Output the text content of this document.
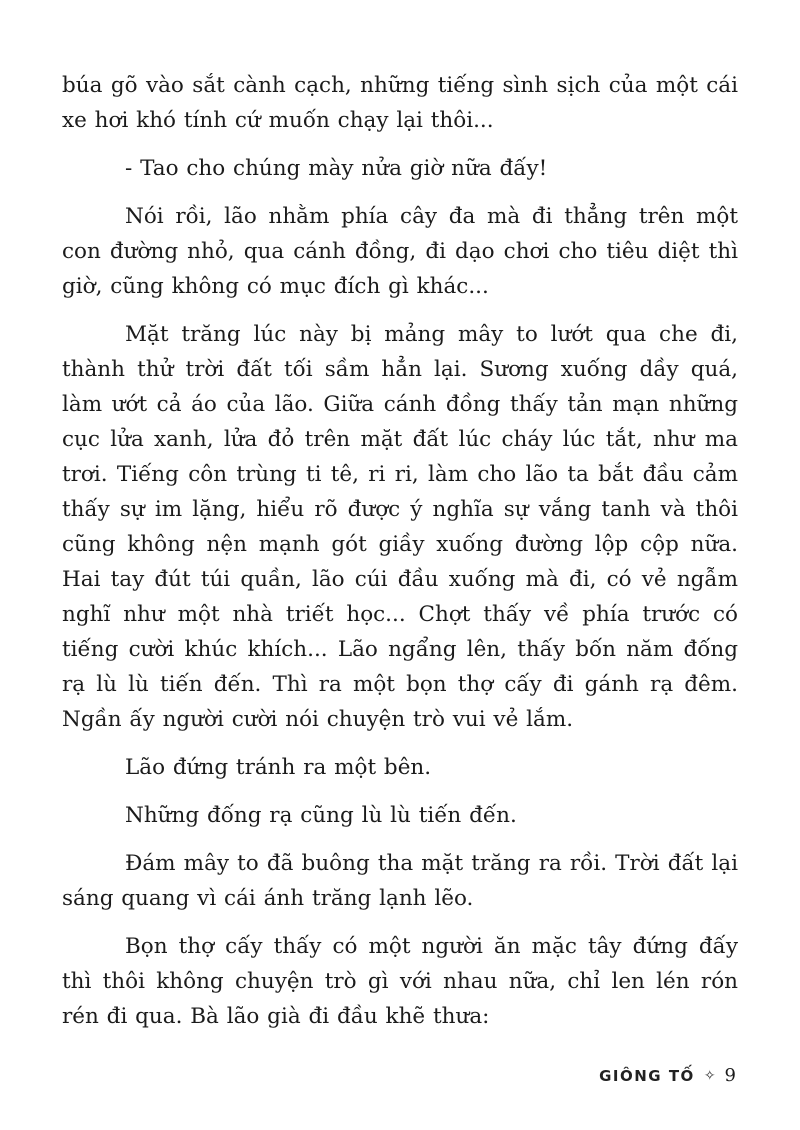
búa gõ vào sắt cành cạch, những tiếng sình sịch của một cái xe hơi khó tính cứ muốn chạy lại thôi...

- Tao cho chúng mày nửa giờ nữa đấy!

Nói rồi, lão nhằm phía cây đa mà đi thẳng trên một con đường nhỏ, qua cánh đồng, đi dạo chơi cho tiêu diệt thì giờ, cũng không có mục đích gì khác...

Mặt trăng lúc này bị mảng mây to lướt qua che đi, thành thử trời đất tối sầm hẳn lại. Sương xuống dầy quá, làm ướt cả áo của lão. Giữa cánh đồng thấy tản mạn những cục lửa xanh, lửa đỏ trên mặt đất lúc cháy lúc tắt, như ma trơi. Tiếng côn trùng ti tê, ri ri, làm cho lão ta bắt đầu cảm thấy sự im lặng, hiểu rõ được ý nghĩa sự vắng tanh và thôi cũng không nện mạnh gót giầy xuống đường lộp cộp nữa. Hai tay đút túi quần, lão cúi đầu xuống mà đi, có vẻ ngẫm nghĩ như một nhà triết học... Chợt thấy về phía trước có tiếng cười khúc khích... Lão ngẩng lên, thấy bốn năm đống rạ lù lù tiến đến. Thì ra một bọn thợ cấy đi gánh rạ đêm. Ngần ấy người cười nói chuyện trò vui vẻ lắm.

Lão đứng tránh ra một bên.

Những đống rạ cũng lù lù tiến đến.

Đám mây to đã buông tha mặt trăng ra rồi. Trời đất lại sáng quang vì cái ánh trăng lạnh lẽo.

Bọn thợ cấy thấy có một người ăn mặc tây đứng đấy thì thôi không chuyện trò gì với nhau nữa, chỉ len lén rón rén đi qua. Bà lão già đi đầu khẽ thưa:

GIÔNG TỐ ✧ 9
